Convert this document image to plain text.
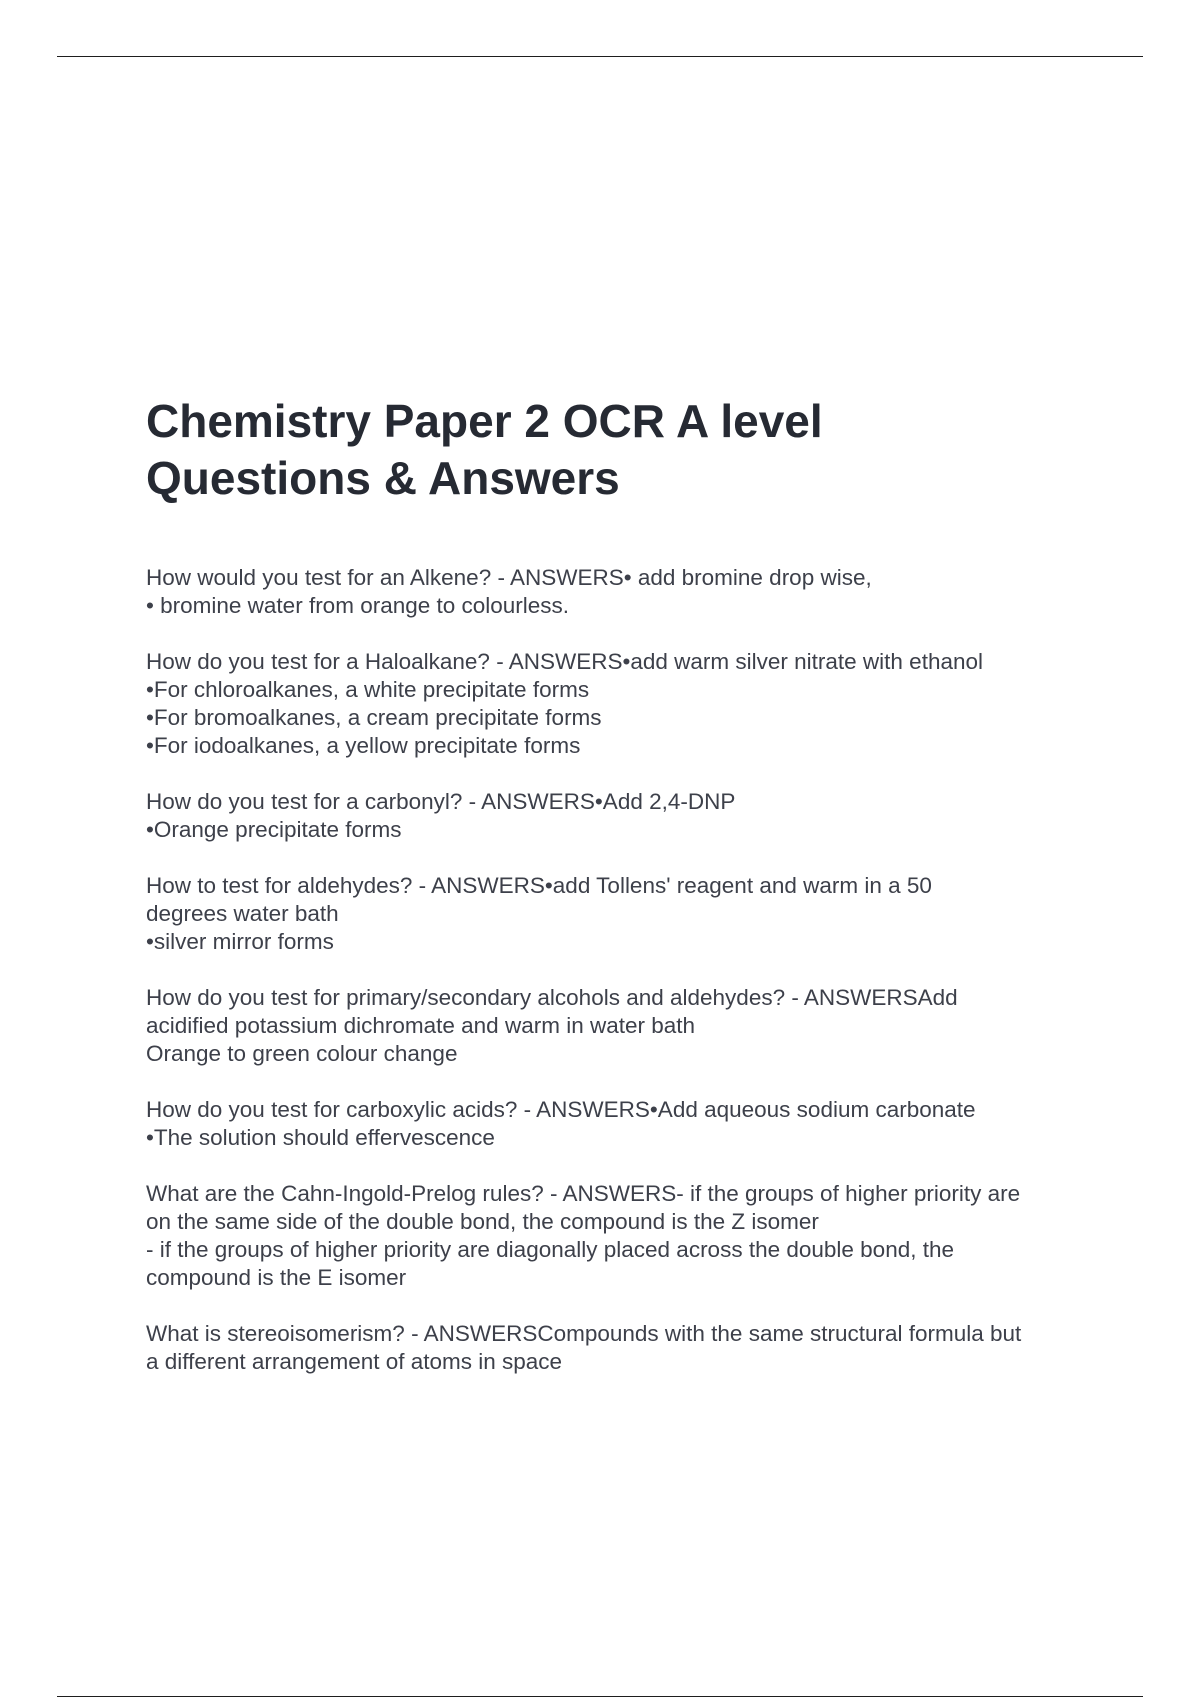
Chemistry Paper 2 OCR A level
Questions & Answers
How would you test for an Alkene? - ANSWERS• add bromine drop wise,
• bromine water from orange to colourless.
How do you test for a Haloalkane? - ANSWERS•add warm silver nitrate with ethanol
•For chloroalkanes, a white precipitate forms
•For bromoalkanes, a cream precipitate forms
•For iodoalkanes, a yellow precipitate forms
How do you test for a carbonyl? - ANSWERS•Add 2,4-DNP
•Orange precipitate forms
How to test for aldehydes? - ANSWERS•add Tollens' reagent and warm in a 50
degrees water bath
•silver mirror forms
How do you test for primary/secondary alcohols and aldehydes? - ANSWERSAdd
acidified potassium dichromate and warm in water bath
Orange to green colour change
How do you test for carboxylic acids? - ANSWERS•Add aqueous sodium carbonate
•The solution should effervescence
What are the Cahn-Ingold-Prelog rules? - ANSWERS- if the groups of higher priority are
on the same side of the double bond, the compound is the Z isomer
- if the groups of higher priority are diagonally placed across the double bond, the
compound is the E isomer
What is stereoisomerism? - ANSWERSCompounds with the same structural formula but
a different arrangement of atoms in space
